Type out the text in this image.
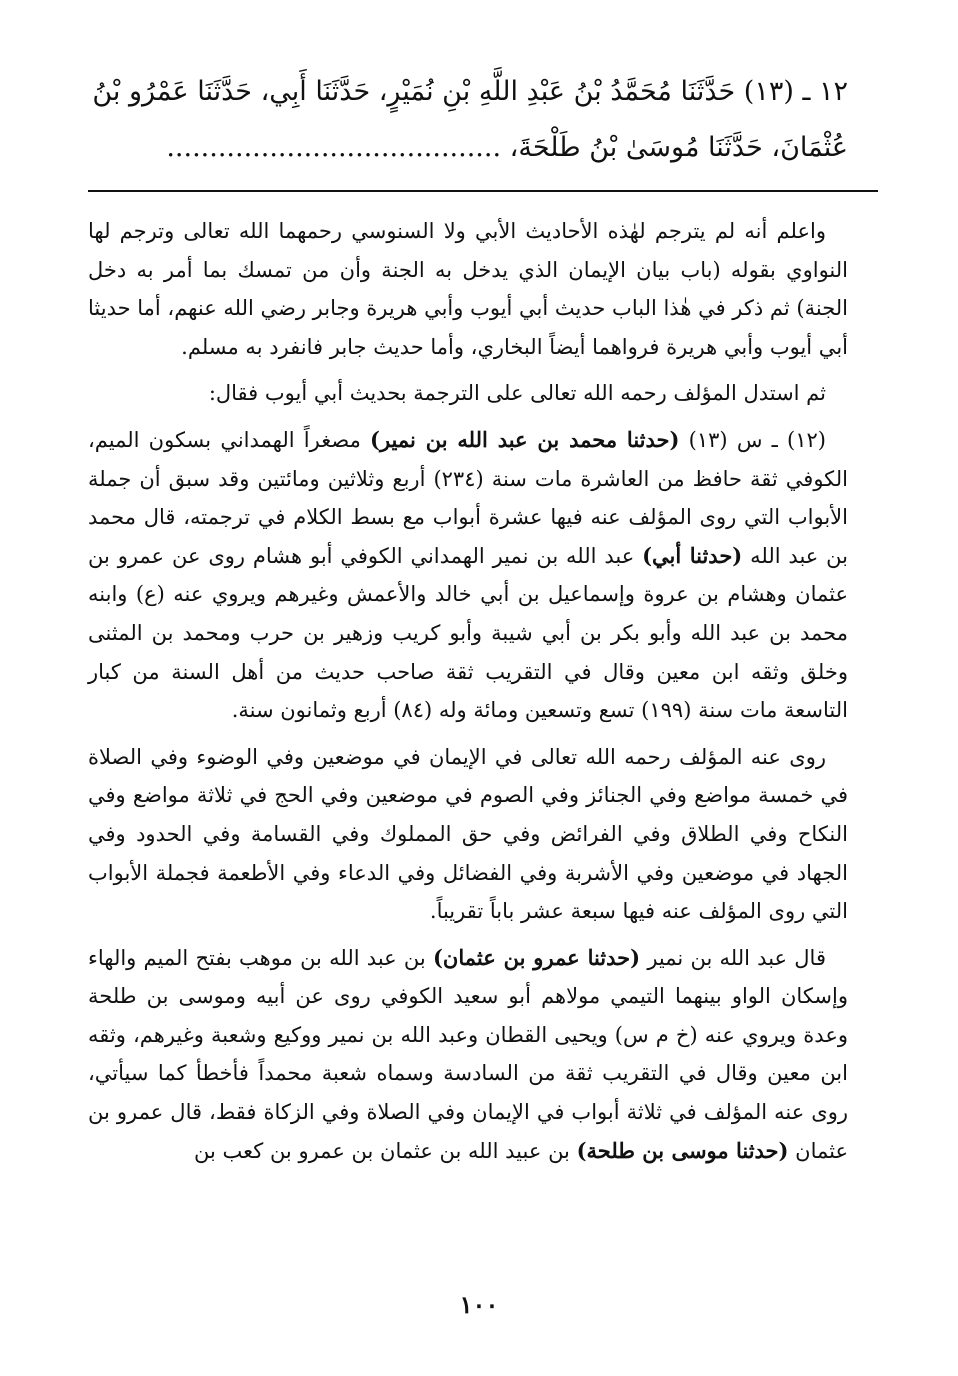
١٢ ـ (١٣) حَدَّثَنَا مُحَمَّدُ بْنُ عَبْدِ اللَّهِ بْنِ نُمَيْرٍ، حَدَّثَنَا أَبِي، حَدَّثَنَا عَمْرُو بْنُ
عُثْمَانَ، حَدَّثَنَا مُوسَىٰ بْنُ طَلْحَةَ، .......................................

واعلم أنه لم يترجم لهٰذه الأحاديث الأبي ولا السنوسي رحمهما الله تعالى وترجم لها النواوي بقوله (باب بيان الإيمان الذي يدخل به الجنة وأن من تمسك بما أمر به دخل الجنة) ثم ذكر في هٰذا الباب حديث أبي أيوب وأبي هريرة وجابر رضي الله عنهم، أما حديثا أبي أيوب وأبي هريرة فرواهما أيضاً البخاري، وأما حديث جابر فانفرد به مسلم.

ثم استدل المؤلف رحمه الله تعالى على الترجمة بحديث أبي أيوب فقال:

(١٢) ـ س (١٣) (حدثنا محمد بن عبد الله بن نمير) مصغراً الهمداني بسكون الميم، الكوفي ثقة حافظ من العاشرة مات سنة (٢٣٤) أربع وثلاثين ومائتين وقد سبق أن جملة الأبواب التي روى المؤلف عنه فيها عشرة أبواب مع بسط الكلام في ترجمته، قال محمد بن عبد الله (حدثنا أبي) عبد الله بن نمير الهمداني الكوفي أبو هشام روى عن عمرو بن عثمان وهشام بن عروة وإسماعيل بن أبي خالد والأعمش وغيرهم ويروي عنه (ع) وابنه محمد بن عبد الله وأبو بكر بن أبي شيبة وأبو كريب وزهير بن حرب ومحمد بن المثنى وخلق وثقه ابن معين وقال في التقريب ثقة صاحب حديث من أهل السنة من كبار التاسعة مات سنة (١٩٩) تسع وتسعين ومائة وله (٨٤) أربع وثمانون سنة.

روى عنه المؤلف رحمه الله تعالى في الإيمان في موضعين وفي الوضوء وفي الصلاة في خمسة مواضع وفي الجنائز وفي الصوم في موضعين وفي الحج في ثلاثة مواضع وفي النكاح وفي الطلاق وفي الفرائض وفي حق المملوك وفي القسامة وفي الحدود وفي الجهاد في موضعين وفي الأشربة وفي الفضائل وفي الدعاء وفي الأطعمة فجملة الأبواب التي روى المؤلف عنه فيها سبعة عشر باباً تقريباً.

قال عبد الله بن نمير (حدثنا عمرو بن عثمان) بن عبد الله بن موهب بفتح الميم والهاء وإسكان الواو بينهما التيمي مولاهم أبو سعيد الكوفي روى عن أبيه وموسى بن طلحة وعدة ويروي عنه (خ م س) ويحيى القطان وعبد الله بن نمير ووكيع وشعبة وغيرهم، وثقه ابن معين وقال في التقريب ثقة من السادسة وسماه شعبة محمداً فأخطأ كما سيأتي، روى عنه المؤلف في ثلاثة أبواب في الإيمان وفي الصلاة وفي الزكاة فقط، قال عمرو بن عثمان (حدثنا موسى بن طلحة) بن عبيد الله بن عثمان بن عمرو بن كعب بن

١٠٠
